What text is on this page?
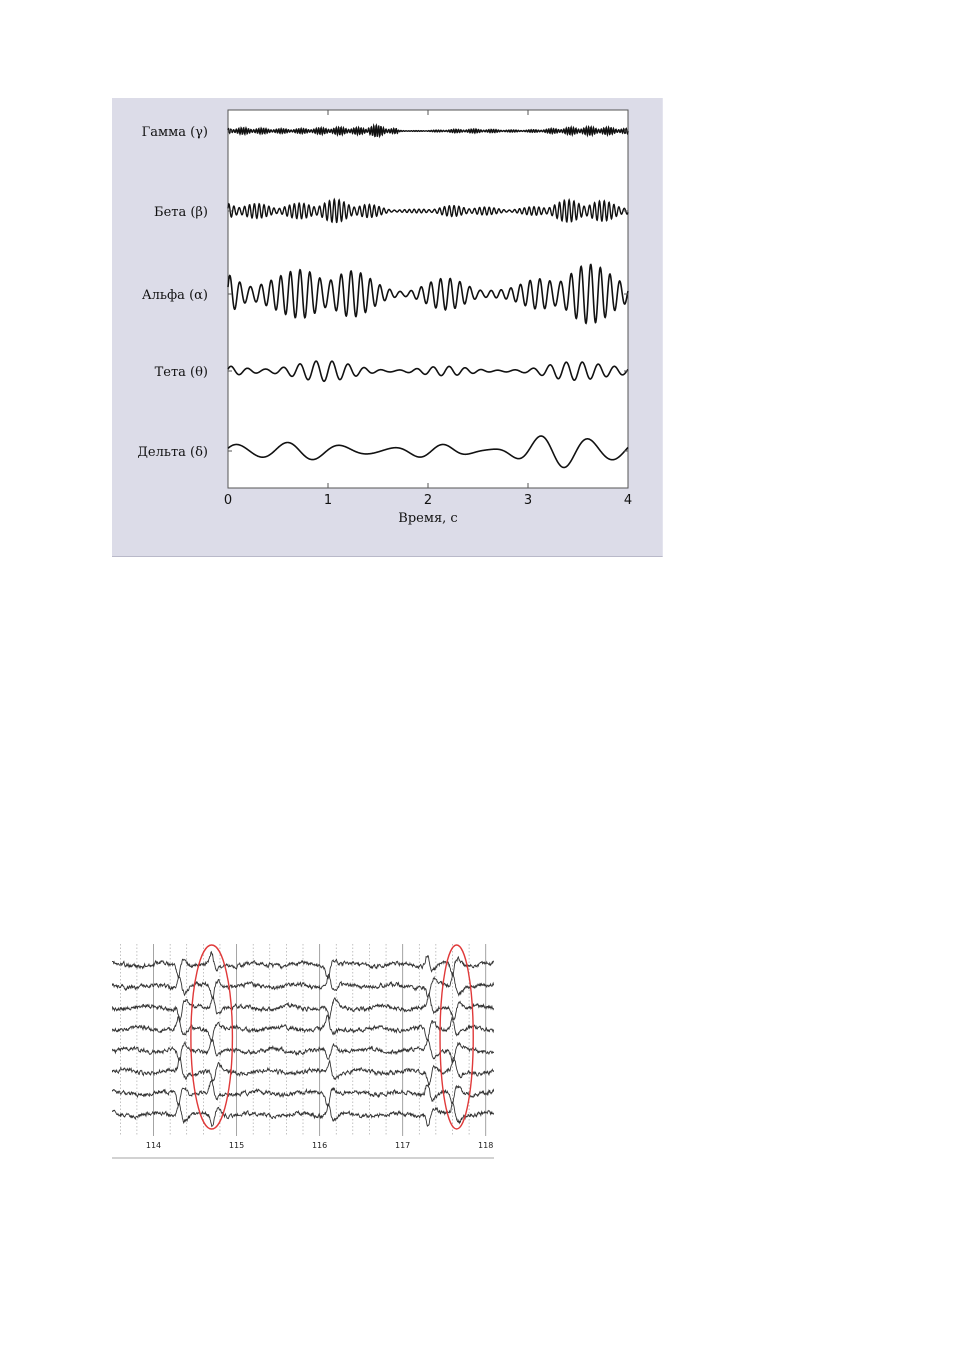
Гамма (γ)
Бета (β)
Альфа (α)
Тета (θ)
Дельта (δ)
0	1	2	3	4
Время, с
114	115	116	117	118
